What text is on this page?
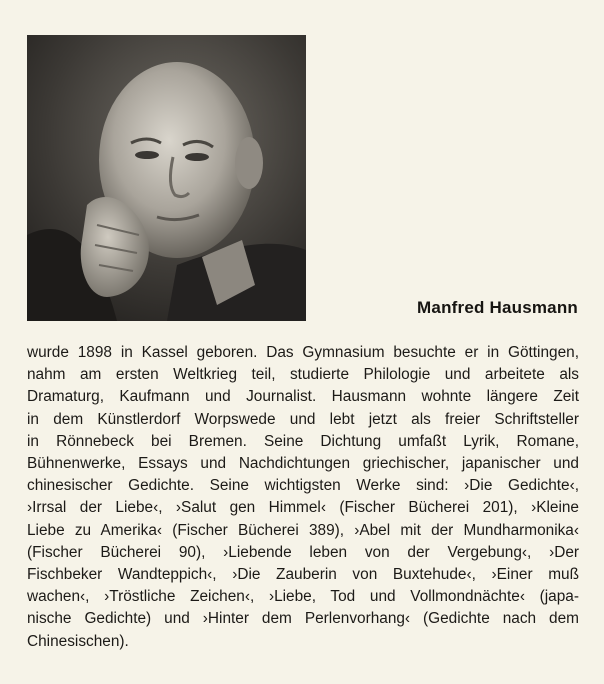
Manfred Hausmann
wurde 1898 in Kassel geboren. Das Gymnasium besuchte er in Göttingen,
nahm am ersten Weltkrieg teil, studierte Philologie und arbeitete als
Dramaturg, Kaufmann und Journalist. Hausmann wohnte längere Zeit
in dem Künstlerdorf Worpswede und lebt jetzt als freier Schriftsteller
in Rönnebeck bei Bremen. Seine Dichtung umfaßt Lyrik, Romane,
Bühnenwerke, Essays und Nachdichtungen griechischer, japanischer und
chinesischer Gedichte. Seine wichtigsten Werke sind: ›Die Gedichte‹,
›Irrsal der Liebe‹, ›Salut gen Himmel‹ (Fischer Bücherei 201), ›Kleine
Liebe zu Amerika‹ (Fischer Bücherei 389), ›Abel mit der Mundharmonika‹
(Fischer Bücherei 90), ›Liebende leben von der Vergebung‹, ›Der
Fischbeker Wandteppich‹, ›Die Zauberin von Buxtehude‹, ›Einer muß
wachen‹, ›Tröstliche Zeichen‹, ›Liebe, Tod und Vollmondnächte‹ (japa-
nische Gedichte) und ›Hinter dem Perlenvorhang‹ (Gedichte nach dem
Chinesischen).
